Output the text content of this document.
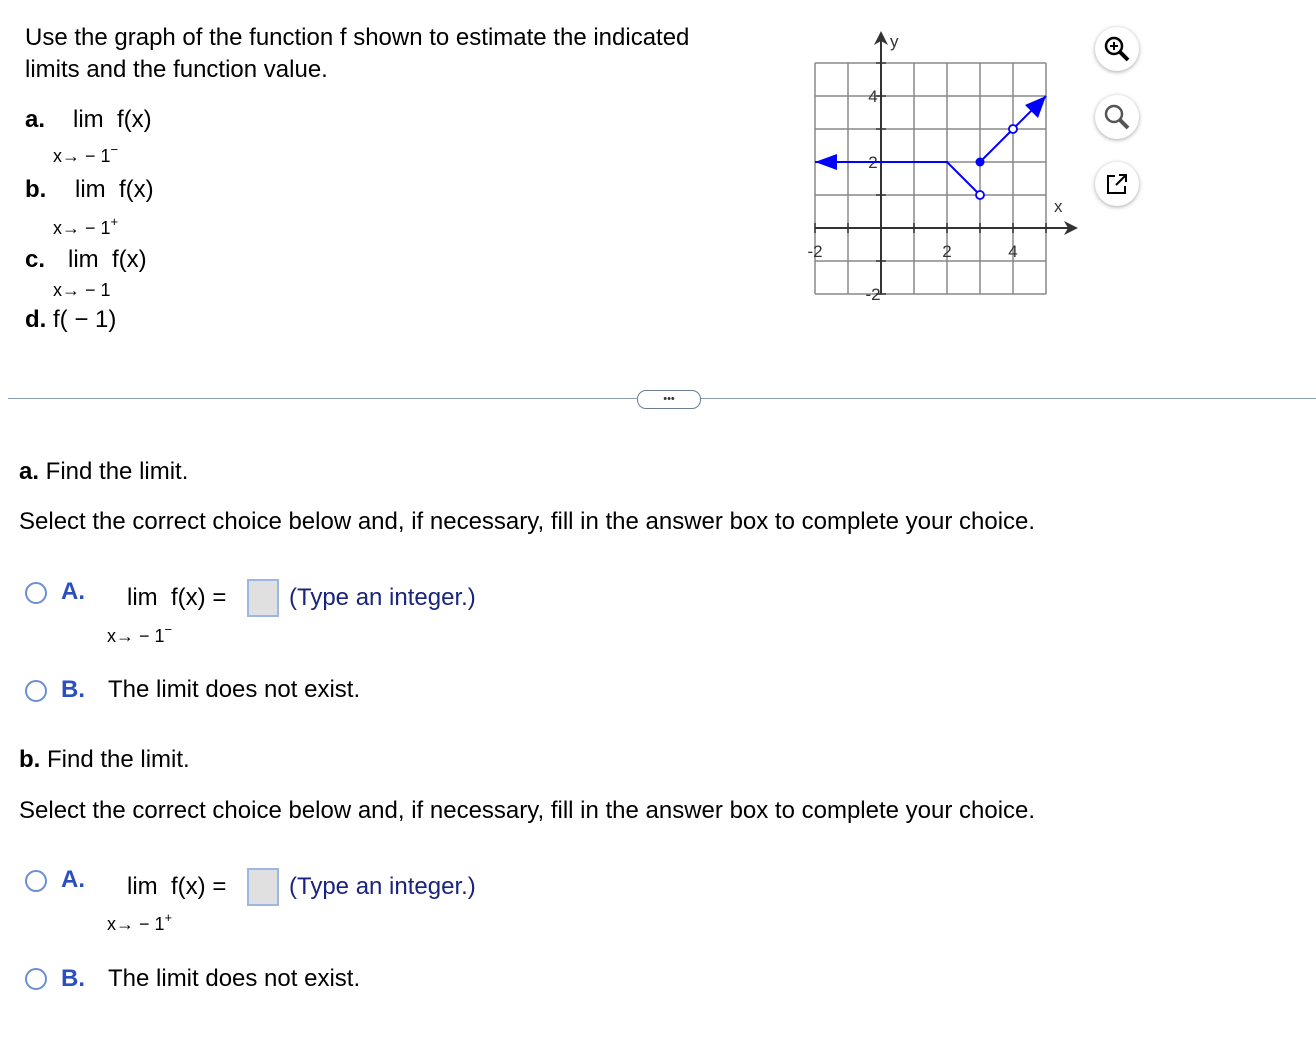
Use the graph of the function f shown to estimate the indicated
limits and the function value.
a. lim  f(x)
x→ − 1−
b. lim  f(x)
x→ − 1+
c. lim  f(x)
x→ − 1
d. f( − 1)
-2	2	4
4
2
-2
x
y
•••
a. Find the limit.
Select the correct choice below and, if necessary, fill in the answer box to complete your choice.
A. lim  f(x) =
x→ − 1−
(Type an integer.)
B. The limit does not exist.
b. Find the limit.
Select the correct choice below and, if necessary, fill in the answer box to complete your choice.
A. lim  f(x) =
x→ − 1+
(Type an integer.)
B. The limit does not exist.
